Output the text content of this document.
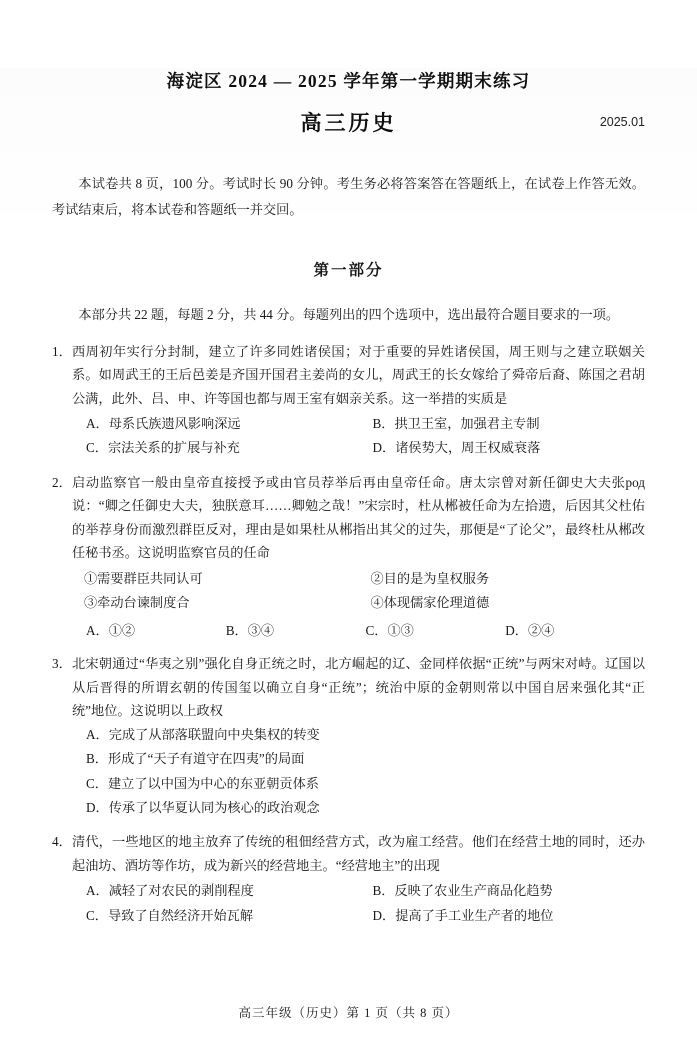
海淀区 2024 — 2025 学年第一学期期末练习
高三历史	2025.01
本试卷共 8 页，100 分。考试时长 90 分钟。考生务必将答案答在答题纸上，在试卷上作答无效。考试结束后，将本试卷和答题纸一并交回。
第一部分
本部分共 22 题，每题 2 分，共 44 分。每题列出的四个选项中，选出最符合题目要求的一项。
1． 西周初年实行分封制，建立了许多同姓诸侯国；对于重要的异姓诸侯国，周王则与之建立联姻关系。如周武王的王后邑姜是齐国开国君主姜尚的女儿，周武王的长女嫁给了舜帝后裔、陈国之君胡公满，此外、吕、申、许等国也都与周王室有姻亲关系。这一举措的实质是
A．母系氏族遗风影响深远	B．拱卫王室，加强君主专制
C．宗法关系的扩展与补充	D．诸侯势大，周王权威衰落
2． 启动监察官一般由皇帝直接授予或由官员荐举后再由皇帝任命。唐太宗曾对新任御史大夫张род说：“卿之任御史大夫，独朕意耳……卿勉之哉！”宋宗时，杜从郴被任命为左拾遗，后因其父杜佑的举荐身份而激烈群臣反对，理由是如果杜从郴指出其父的过失，那便是“了论父”，最终杜从郴改任秘书丞。这说明监察官员的任命
①需要群臣共同认可	②目的是为皇权服务
③牵动台谏制度合	④体现儒家伦理道德
A．①②	B．③④	C．①③	D．②④
3． 北宋朝通过“华夷之别”强化自身正统之时，北方崛起的辽、金同样依据“正统”与两宋对峙。辽国以从后晋得的所谓玄朝的传国玺以确立自身“正统”；统治中原的金朝则常以中国自居来强化其“正统”地位。这说明以上政权
A．完成了从部落联盟向中央集权的转变
B．形成了“天子有道守在四夷”的局面
C．建立了以中国为中心的东亚朝贡体系
D．传承了以华夏认同为核心的政治观念
4． 清代，一些地区的地主放弃了传统的租佃经营方式，改为雇工经营。他们在经营土地的同时，还办起油坊、酒坊等作坊，成为新兴的经营地主。“经营地主”的出现
A．减轻了对农民的剥削程度	B．反映了农业生产商品化趋势
C．导致了自然经济开始瓦解	D．提高了手工业生产者的地位
高三年级（历史）第 1 页（共 8 页）
